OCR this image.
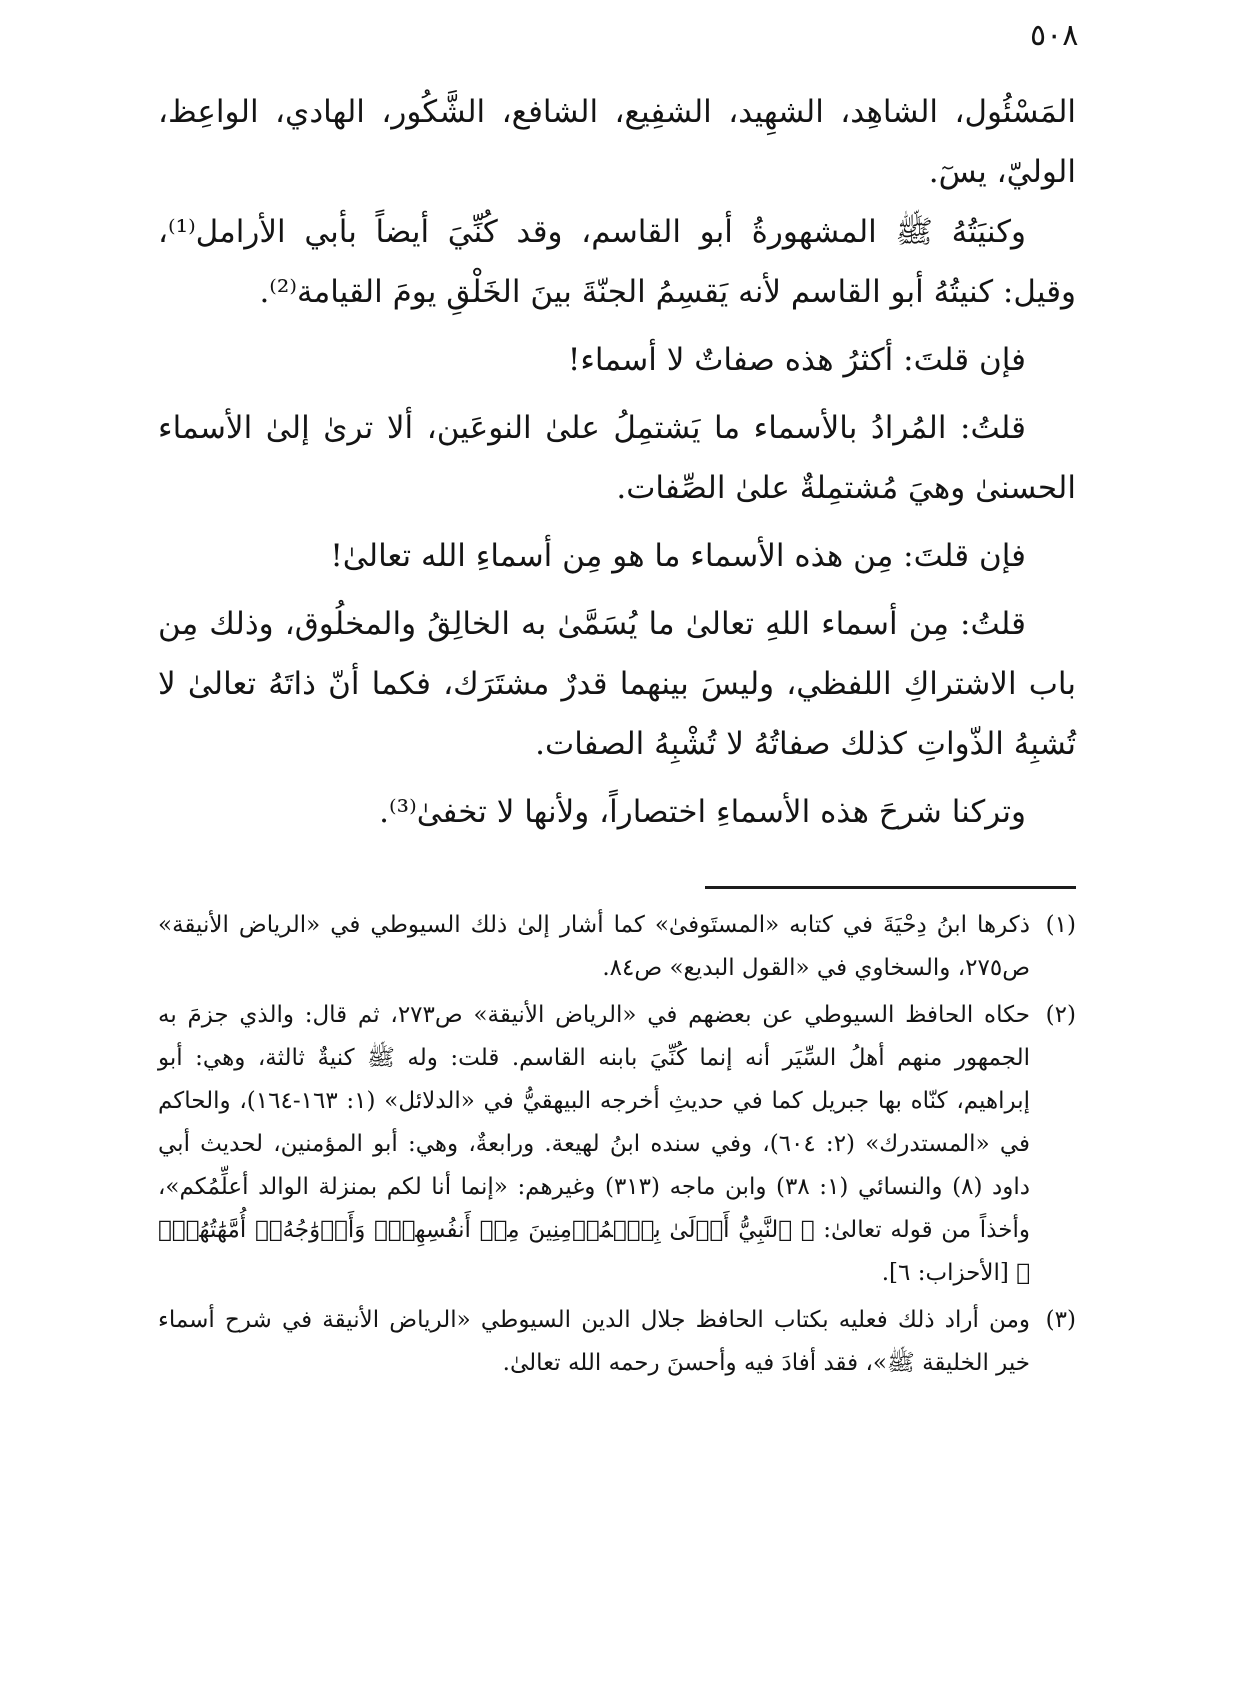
٥٠٨

المَسْئُول، الشاهِد، الشهِيد، الشفِيع، الشافع، الشَّكُور، الهادي، الواعِظ، الوليّ، يسٓ.

وكنيَتُهُ ﷺ المشهورةُ أبو القاسم، وقد كُنِّيَ أيضاً بأبي الأرامل⁽¹⁾، وقيل: كنيتُهُ أبو القاسم لأنه يَقسِمُ الجنّةَ بينَ الخَلْقِ يومَ القيامة⁽²⁾.

فإن قلتَ: أكثرُ هذه صفاتٌ لا أسماء!

قلتُ: المُرادُ بالأسماء ما يَشتمِلُ علىٰ النوعَين، ألا ترىٰ إلىٰ الأسماء الحسنىٰ وهيَ مُشتمِلةٌ علىٰ الصِّفات.

فإن قلتَ: مِن هذه الأسماء ما هو مِن أسماءِ الله تعالىٰ!

قلتُ: مِن أسماء اللهِ تعالىٰ ما يُسَمَّىٰ به الخالِقُ والمخلُوق، وذلك مِن باب الاشتراكِ اللفظي، وليسَ بينهما قدرٌ مشتَرَك، فكما أنّ ذاتَهُ تعالىٰ لا تُشبِهُ الذّواتِ كذلك صفاتُهُ لا تُشْبِهُ الصفات.

وتركنا شرحَ هذه الأسماءِ اختصاراً، ولأنها لا تخفىٰ⁽³⁾.

(١)
ذكرها ابنُ دِحْيَةَ في كتابه «المستَوفىٰ» كما أشار إلىٰ ذلك السيوطي في «الرياض الأنيقة» ص٢٧٥، والسخاوي في «القول البديع» ص٨٤.

(٢)
حكاه الحافظ السيوطي عن بعضهم في «الرياض الأنيقة» ص٢٧٣، ثم قال: والذي جزمَ به الجمهور منهم أهلُ السِّيَر أنه إنما كُنِّيَ بابنه القاسم. قلت: وله ﷺ كنيةٌ ثالثة، وهي: أبو إبراهيم، كنّاه بها جبريل كما في حديثِ أخرجه البيهقيُّ في «الدلائل» (١: ١٦٣-١٦٤)، والحاكم في «المستدرك» (٢: ٦٠٤)، وفي سنده ابنُ لهيعة. ورابعةٌ، وهي: أبو المؤمنين، لحديث أبي داود (٨) والنسائي (١: ٣٨) وابن ماجه (٣١٣) وغيرهم: «إنما أنا لكم بمنزلة الوالد أعلِّمُكم»، وأخذاً من قوله تعالىٰ: ﴿ ٱلنَّبِيُّ أَوۡلَىٰ بِٱلۡمُؤۡمِنِينَ مِنۡ أَنفُسِهِمۡۖ وَأَزۡوَٰجُهُۥٓ أُمَّهَٰتُهُمۡۗ ﴾ [الأحزاب: ٦].

(٣)
ومن أراد ذلك فعليه بكتاب الحافظ جلال الدين السيوطي «الرياض الأنيقة في شرح أسماء خير الخليقة ﷺ»، فقد أفادَ فيه وأحسنَ رحمه الله تعالىٰ.
